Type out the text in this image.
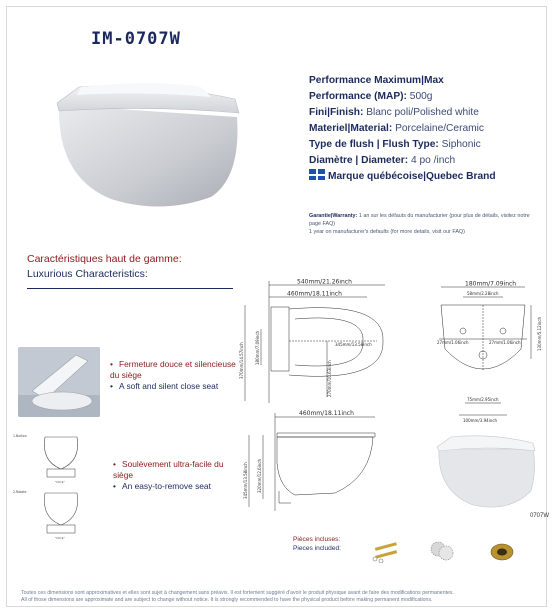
IM-0707W
Performance Maximum|Max
Performance (MAP): 500g
Fini|Finish: Blanc poli/Polished white
Materiel|Material: Porcelaine/Ceramic
Type de flush | Flush Type: Siphonic
Diamètre | Diameter: 4 po /inch
Marque québécoise|Quebec Brand
Garantie|Warranty: 1 an sur les défauts du manufacturier (pour plus de détails, visitez notre page FAQ)
1 year on manufacturer's defaults (for more details, visit our FAQ)
Caractéristiques haut de gamme:
Luxurious Characteristics:
• Fermeture douce et silencieuse du siège
• A soft and silent close seat
• Soulèvement ultra-facile du siège
• An easy-to-remove seat
1.Button
"Click"
2.Rotate
"Click"
540mm/21.26inch
460mm/18.11inch
370mm/14.57inch	180mm/7.09inch	345mm/13.58inch
270mm/10.63inch
180mm/7.09inch
58mm/2.28inch
27mm/1.06inch	27mm/1.06inch	130mm/5.12inch
75mm/2.95inch
100mm/3.94inch
460mm/18.11inch
345mm/13.58inch 320mm/12.6inch
0707W
Pièces incluses:
Pieces included:
Toutes ces dimensions sont approximatives et elles sont sujet à changement sans préavis. Il est fortement suggéré d'avoir le produit physique avant de faire des modifications permanentes.
All of those dimensions are approximate and are subject to change without notice. It is strongly recommended to have the physical product before making permanent modifications.
